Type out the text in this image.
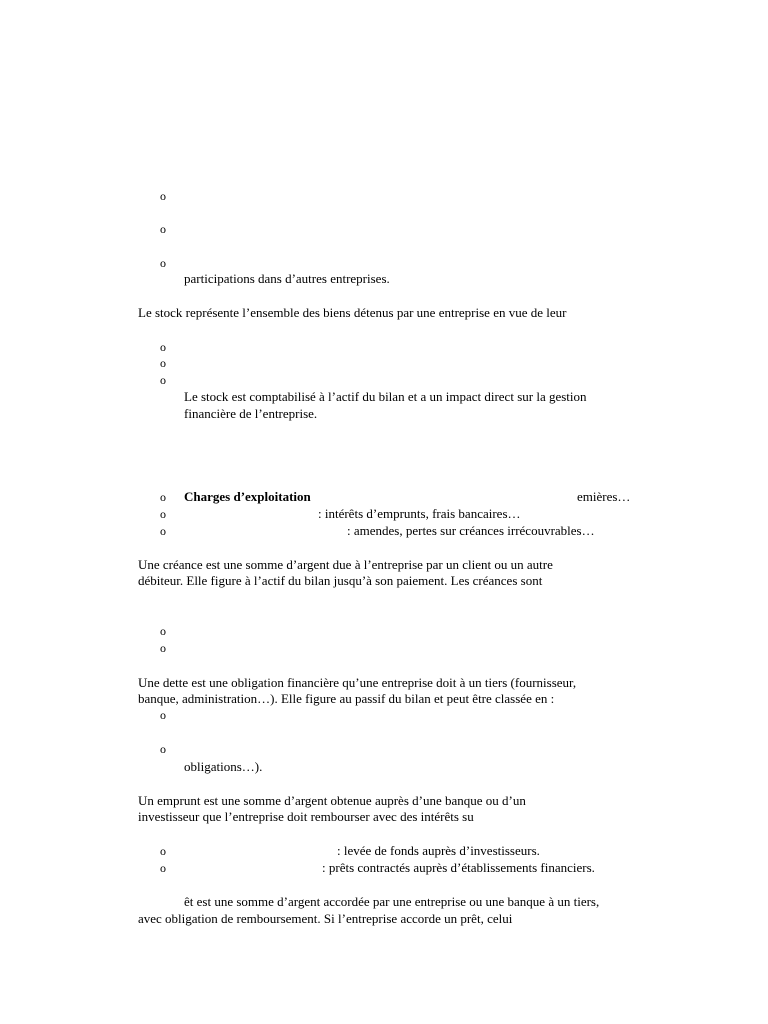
o
o
o
participations dans d’autres entreprises.
Le stock représente l’ensemble des biens détenus par une entreprise en vue de leur
o
o
o
Le stock est comptabilisé à l’actif du bilan et a un impact direct sur la gestion
financière de l’entreprise.
o Charges d’exploitation	emières…
o	: intérêts d’emprunts, frais bancaires…
o	: amendes, pertes sur créances irrécouvrables…
Une créance est une somme d’argent due à l’entreprise par un client ou un autre
débiteur. Elle figure à l’actif du bilan jusqu’à son paiement. Les créances sont
o
o
Une dette est une obligation financière qu’une entreprise doit à un tiers (fournisseur,
banque, administration…). Elle figure au passif du bilan et peut être classée en :
o
o
obligations…).
Un emprunt est une somme d’argent obtenue auprès d’une banque ou d’un
investisseur que l’entreprise doit rembourser avec des intérêts su
o	: levée de fonds auprès d’investisseurs.
o	: prêts contractés auprès d’établissements financiers.
êt est une somme d’argent accordée par une entreprise ou une banque à un tiers,
avec obligation de remboursement. Si l’entreprise accorde un prêt, celui
